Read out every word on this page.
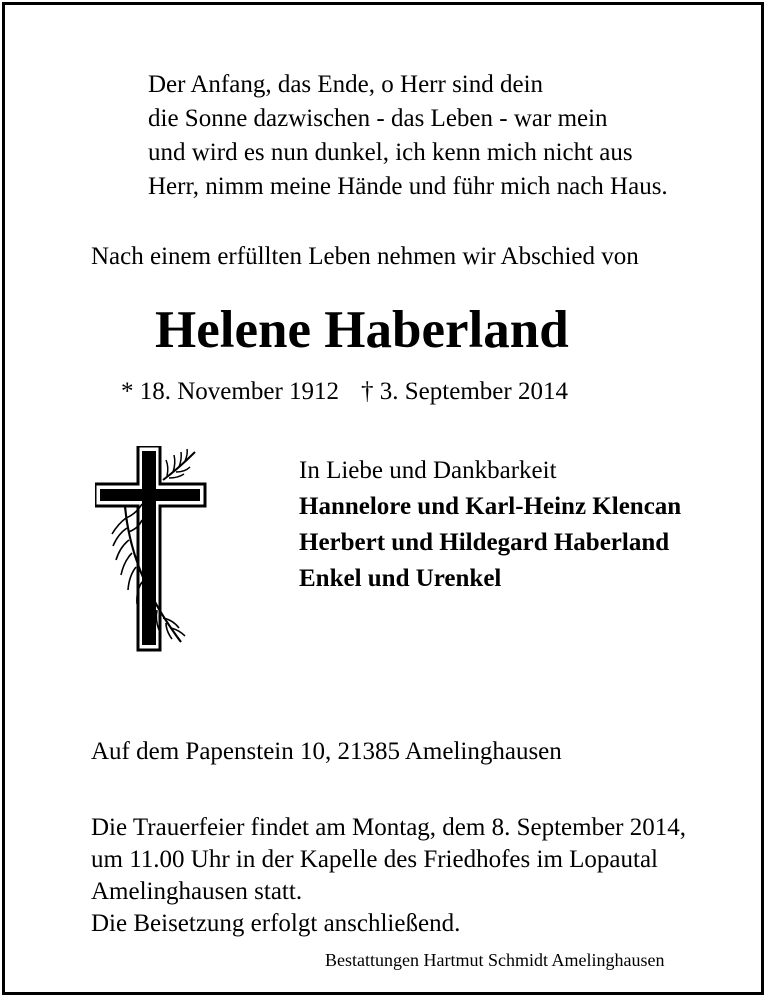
Der Anfang, das Ende, o Herr sind dein
die Sonne dazwischen - das Leben - war mein
und wird es nun dunkel, ich kenn mich nicht aus
Herr, nimm meine Hände und führ mich nach Haus.
Nach einem erfüllten Leben nehmen wir Abschied von
Helene Haberland
* 18. November 1912 † 3. September 2014
In Liebe und Dankbarkeit
Hannelore und Karl-Heinz Klencan
Herbert und Hildegard Haberland
Enkel und Urenkel
Auf dem Papenstein 10, 21385 Amelinghausen
Die Trauerfeier findet am Montag, dem 8. September 2014,
um 11.00 Uhr in der Kapelle des Friedhofes im Lopautal
Amelinghausen statt.
Die Beisetzung erfolgt anschließend.
Bestattungen Hartmut Schmidt Amelinghausen
